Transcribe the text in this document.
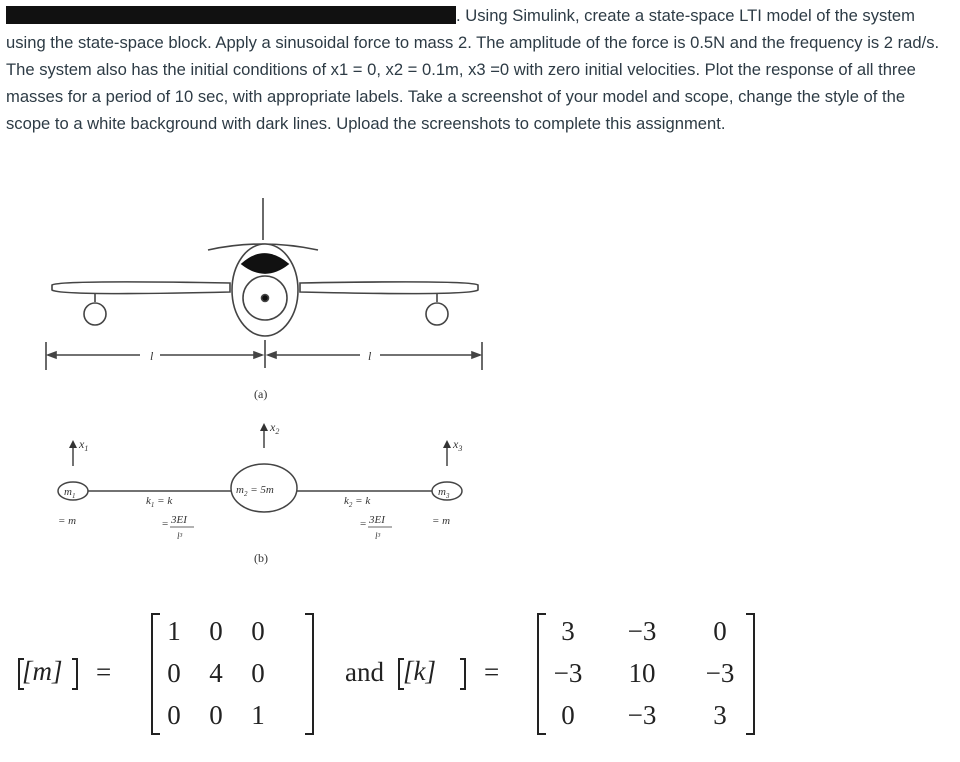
. Using Simulink, create a state-space LTI model of the system using the state-space block. Apply a sinusoidal force to mass 2. The amplitude of the force is 0.5N and the frequency is 2 rad/s. The system also has the initial conditions of x1 = 0, x2 = 0.1m, x3 =0 with zero initial velocities. Plot the response of all three masses for a period of 10 sec, with appropriate labels. Take a screenshot of your model and scope, change the style of the scope to a white background with dark lines. Upload the screenshots to complete this assignment.
l	l
(a)
$x_1$
$x_2$
$x_3$
$m_1$
= m
$m_2 = 5m$	$m_3$
= m
$k_1 = k$
= 3EI
l³
$k_2 = k$
= 3EI
l³
(b)
[m] =	and [k] =
1	0	0
0	4	0
0	0	1
3	−3	0
−3	10	−3
0	−3	3
